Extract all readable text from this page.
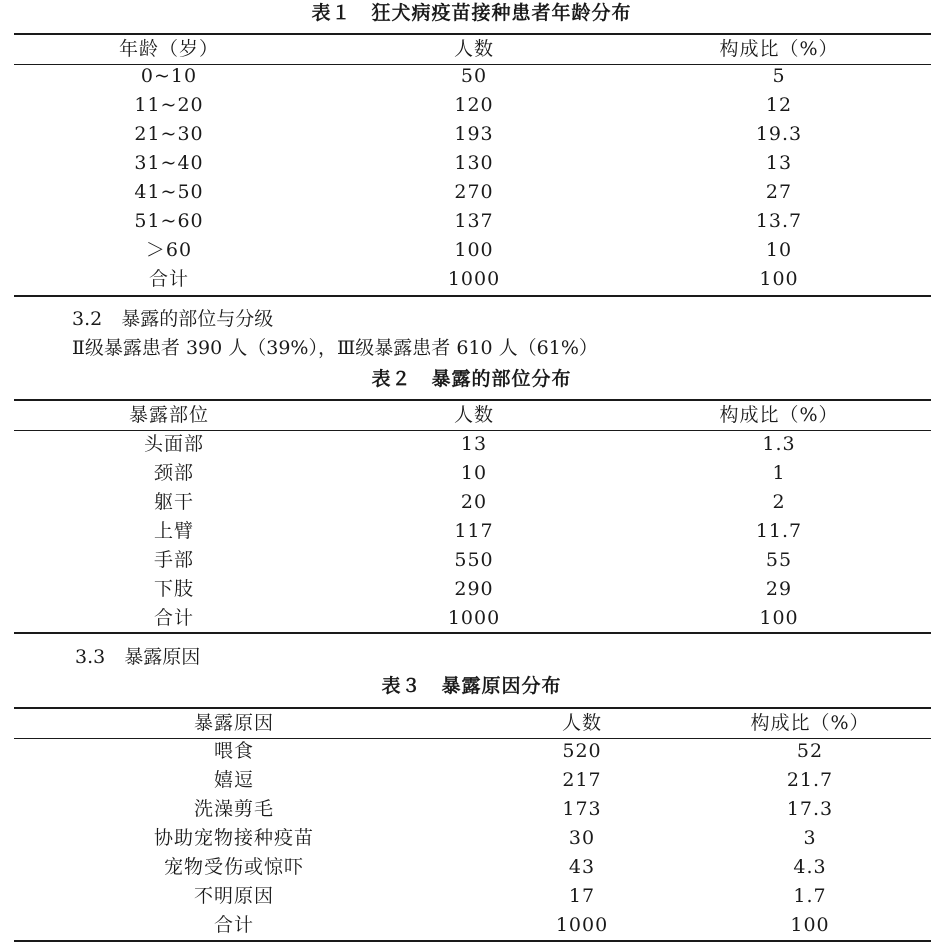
表１　狂犬病疫苗接种患者年龄分布
年龄（岁）	人数	构成比（%）
0~10	50	5
11~20	120	12
21~30	193	19.3
31~40	130	13
41~50	270	27
51~60	137	13.7
＞60	100	10
合计	1000	100
3.2　暴露的部位与分级
Ⅱ级暴露患者 390 人（39%），Ⅲ级暴露患者 610 人（61%）
表２　暴露的部位分布
暴露部位	人数	构成比（%）
头面部	13	1.3
颈部	10	1
躯干	20	2
上臂	117	11.7
手部	550	55
下肢	290	29
合计	1000	100
3.3　暴露原因
表３　暴露原因分布
暴露原因	人数	构成比（%）
喂食	520	52
嬉逗	217	21.7
洗澡剪毛	173	17.3
协助宠物接种疫苗	30	3
宠物受伤或惊吓	43	4.3
不明原因	17	1.7
合计	1000	100
